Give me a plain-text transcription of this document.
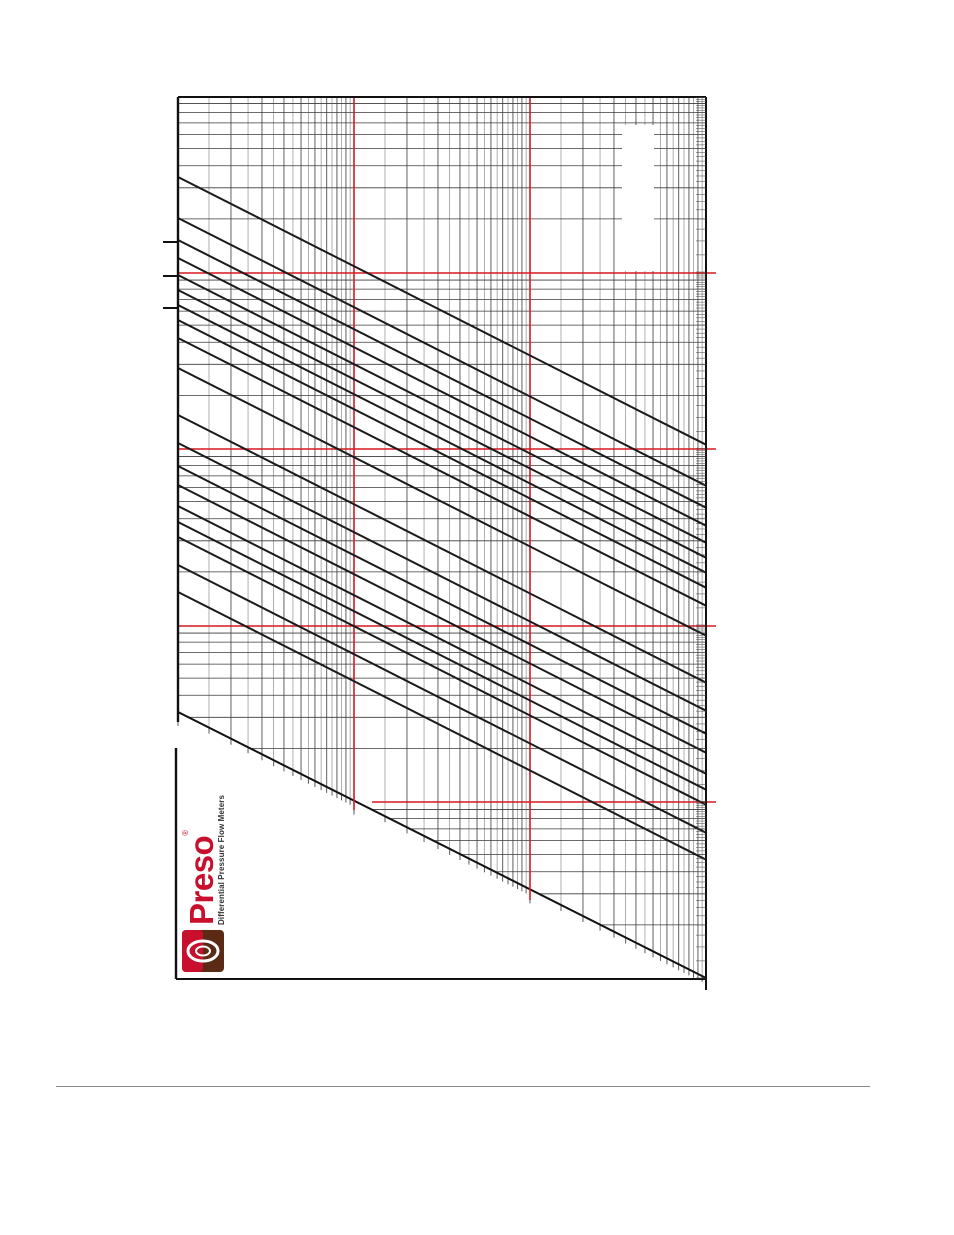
Preso®	Differential Pressure Flow Meters
